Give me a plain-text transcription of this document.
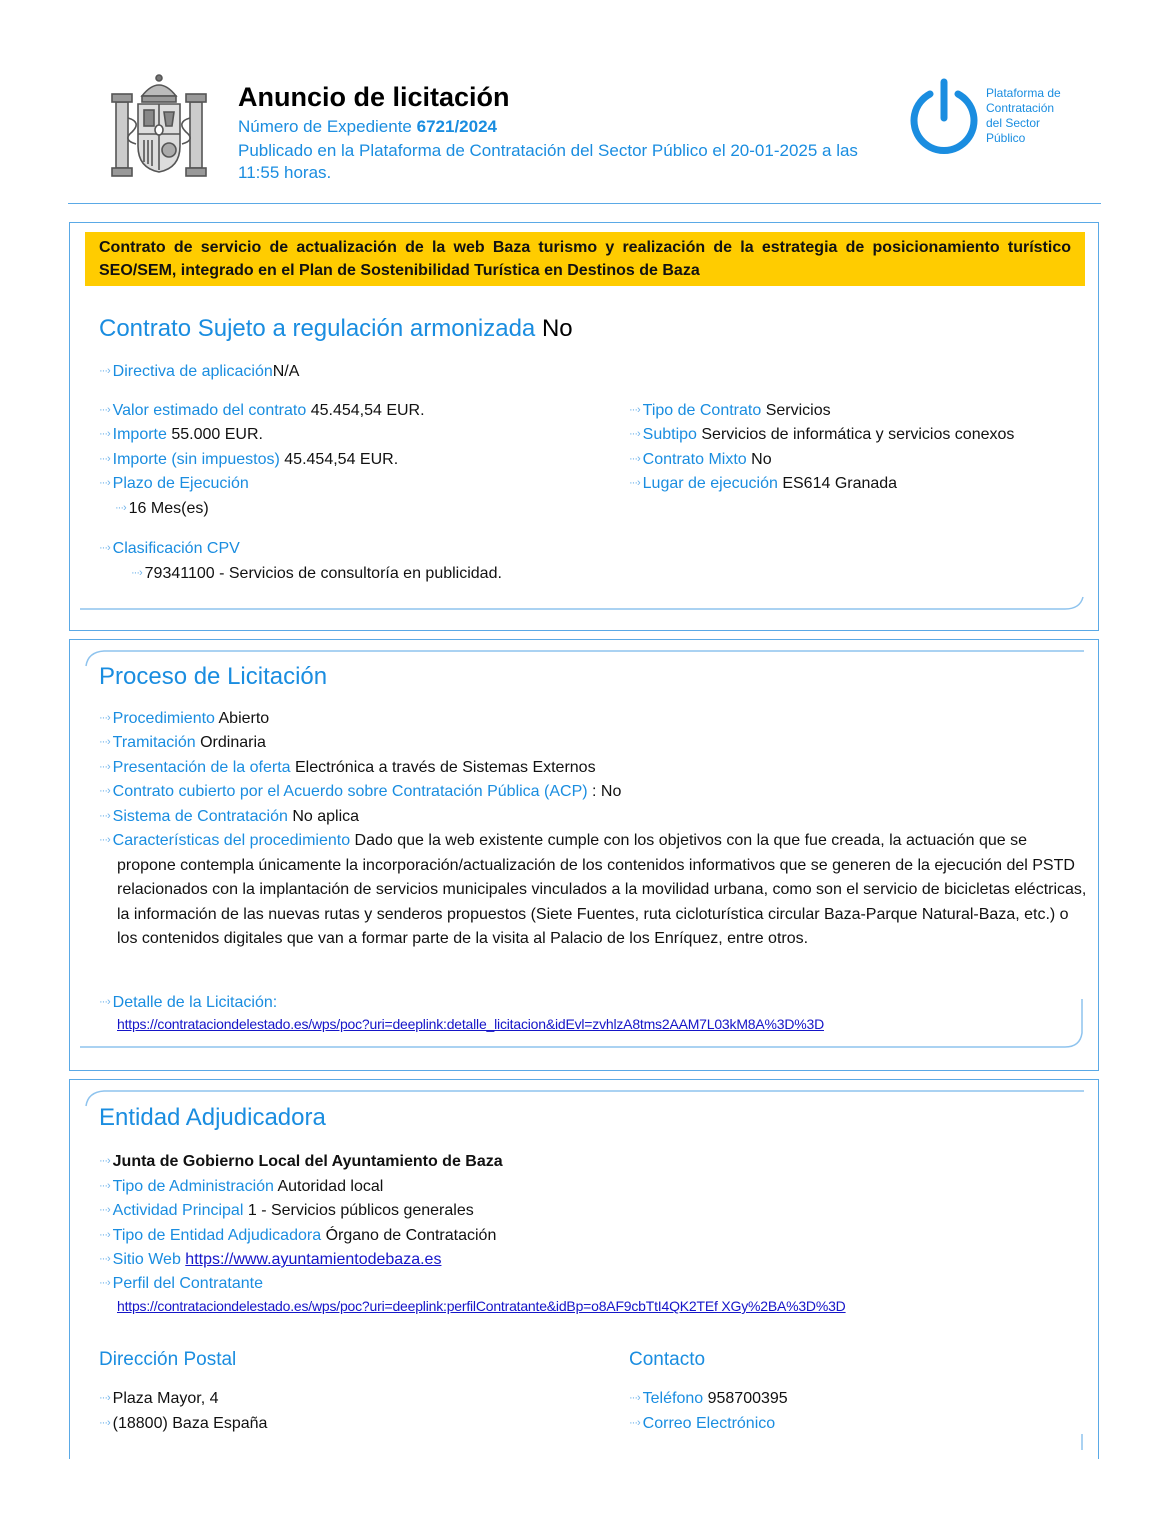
Anuncio de licitación
Número de Expediente 6721/2024
Publicado en la Plataforma de Contratación del Sector Público el 20-01-2025 a las 11:55 horas.
Plataforma de
Contratación
del Sector
Público
Contrato de servicio de actualización de la web Baza turismo y realización de la estrategia de posicionamiento turístico SEO/SEM, integrado en el Plan de Sostenibilidad Turística en Destinos de Baza
Contrato Sujeto a regulación armonizada No
···› Directiva de aplicaciónN/A
···› Valor estimado del contrato 45.454,54 EUR.
···› Importe 55.000 EUR.
···› Importe (sin impuestos) 45.454,54 EUR.
···› Plazo de Ejecución
···› 16 Mes(es)
···› Tipo de Contrato Servicios
···› Subtipo Servicios de informática y servicios conexos
···› Contrato Mixto No
···› Lugar de ejecución ES614 Granada
···› Clasificación CPV
···› 79341100 - Servicios de consultoría en publicidad.
Proceso de Licitación
···› Procedimiento Abierto
···› Tramitación Ordinaria
···› Presentación de la oferta Electrónica a través de Sistemas Externos
···› Contrato cubierto por el Acuerdo sobre Contratación Pública (ACP) : No
···› Sistema de Contratación No aplica
···› Características del procedimiento Dado que la web existente cumple con los objetivos con la que fue creada, la actuación que se propone contempla únicamente la incorporación/actualización de los contenidos informativos que se generen de la ejecución del PSTD relacionados con la implantación de servicios municipales vinculados a la movilidad urbana, como son el servicio de bicicletas eléctricas, la información de las nuevas rutas y senderos propuestos (Siete Fuentes, ruta cicloturística circular Baza-Parque Natural-Baza, etc.) o los contenidos digitales que van a formar parte de la visita al Palacio de los Enríquez, entre otros.
···› Detalle de la Licitación:
https://contrataciondelestado.es/wps/poc?uri=deeplink:detalle_licitacion&idEvl=zvhlzA8tms2AAM7L03kM8A%3D%3D
Entidad Adjudicadora
···› Junta de Gobierno Local del Ayuntamiento de Baza
···› Tipo de Administración Autoridad local
···› Actividad Principal 1 - Servicios públicos generales
···› Tipo de Entidad Adjudicadora Órgano de Contratación
···› Sitio Web https://www.ayuntamientodebaza.es
···› Perfil del Contratante
https://contrataciondelestado.es/wps/poc?uri=deeplink:perfilContratante&idBp=o8AF9cbTtI4QK2TEf XGy%2BA%3D%3D
Dirección Postal
···› Plaza Mayor, 4
···› (18800) Baza España
Contacto
···› Teléfono 958700395
···› Correo Electrónico
